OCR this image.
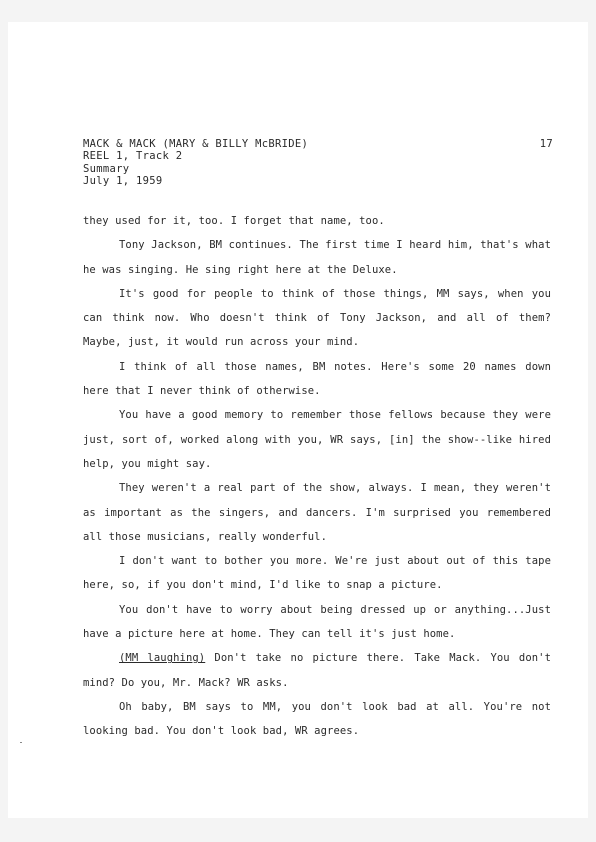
MACK & MACK (MARY & BILLY McBRIDE)
REEL 1, Track 2
Summary
July 1, 1959
17

they used for it, too. I forget that name, too.

Tony Jackson, BM continues. The first time I heard him, that's what he was singing. He sing right here at the Deluxe.

It's good for people to think of those things, MM says, when you can think now. Who doesn't think of Tony Jackson, and all of them? Maybe, just, it would run across your mind.

I think of all those names, BM notes. Here's some 20 names down here that I never think of otherwise.

You have a good memory to remember those fellows because they were just, sort of, worked along with you, WR says, [in] the show--like hired help, you might say.

They weren't a real part of the show, always. I mean, they weren't as important as the singers, and dancers. I'm surprised you remembered all those musicians, really wonderful.

I don't want to bother you more. We're just about out of this tape here, so, if you don't mind, I'd like to snap a picture.

You don't have to worry about being dressed up or anything...Just have a picture here at home. They can tell it's just home.

(MM laughing) Don't take no picture there. Take Mack. You don't mind? Do you, Mr. Mack? WR asks.

Oh baby, BM says to MM, you don't look bad at all. You're not looking bad. You don't look bad, WR agrees.
